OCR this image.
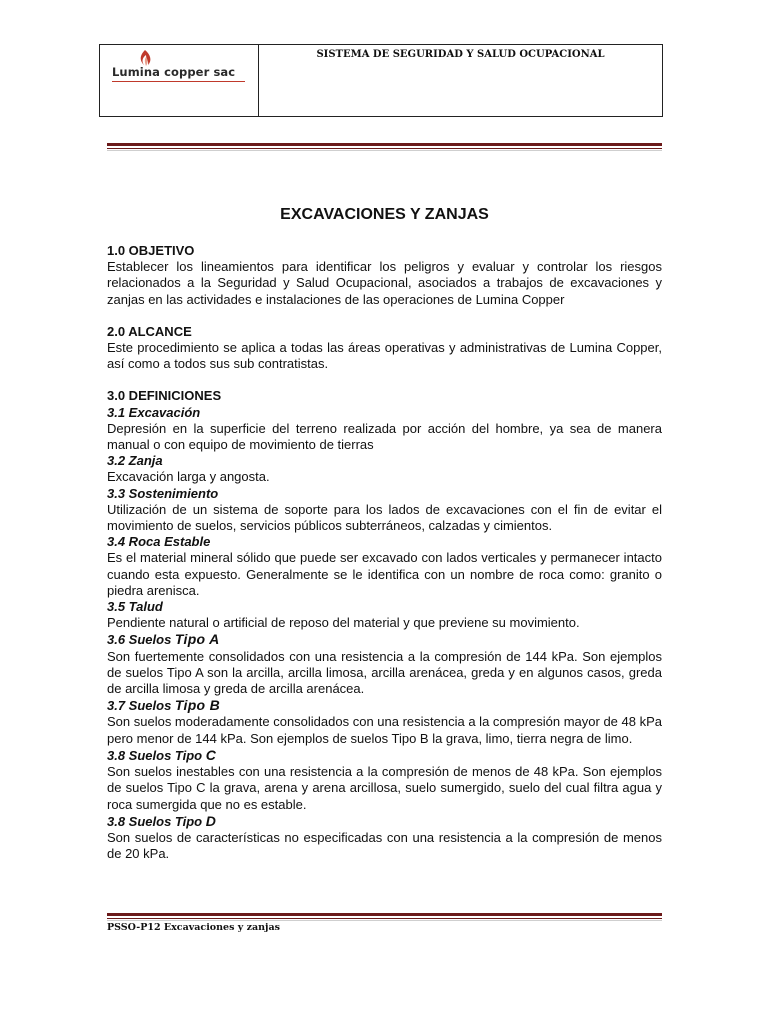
Lumina copper sac
SISTEMA DE SEGURIDAD Y SALUD OCUPACIONAL
EXCAVACIONES Y ZANJAS

1.0 OBJETIVO

Establecer los lineamientos para identificar los peligros y evaluar y controlar los riesgos relacionados a la Seguridad y Salud Ocupacional, asociados a trabajos de excavaciones y zanjas en las actividades e instalaciones de las operaciones de Lumina Copper

2.0 ALCANCE

Este procedimiento se aplica a todas las áreas operativas y administrativas de Lumina Copper, así como a todos sus sub contratistas.

3.0 DEFINICIONES

3.1 Excavación

Depresión en la superficie del terreno realizada por acción del hombre, ya sea de manera manual o con equipo de movimiento de tierras

3.2 Zanja

Excavación larga y angosta.

3.3 Sostenimiento

Utilización de un sistema de soporte para los lados de excavaciones con el fin de evitar el movimiento de suelos, servicios públicos subterráneos, calzadas y cimientos.

3.4 Roca Estable

Es el material mineral sólido que puede ser excavado con lados verticales y permanecer intacto cuando esta expuesto. Generalmente se le identifica con un nombre de roca como: granito o piedra arenisca.

3.5 Talud

Pendiente natural o artificial de reposo del material y que previene su movimiento.

3.6 Suelos Tipo A

Son fuertemente consolidados con una resistencia a la compresión de 144 kPa. Son ejemplos de suelos Tipo A son la arcilla, arcilla limosa, arcilla arenácea, greda y en algunos casos, greda de arcilla limosa y greda de arcilla arenácea.

3.7 Suelos Tipo B

Son suelos moderadamente consolidados con una resistencia a la compresión mayor de 48 kPa pero menor de 144 kPa. Son ejemplos de suelos Tipo B la grava, limo, tierra negra de limo.

3.8 Suelos Tipo C

Son suelos inestables con una resistencia a la compresión de menos de 48 kPa. Son ejemplos de suelos Tipo C la grava, arena y arena arcillosa, suelo sumergido, suelo del cual filtra agua y roca sumergida que no es estable.

3.8 Suelos Tipo D

Son suelos de características no especificadas con una resistencia a la compresión de menos de 20 kPa.

PSSO-P12 Excavaciones y zanjas
